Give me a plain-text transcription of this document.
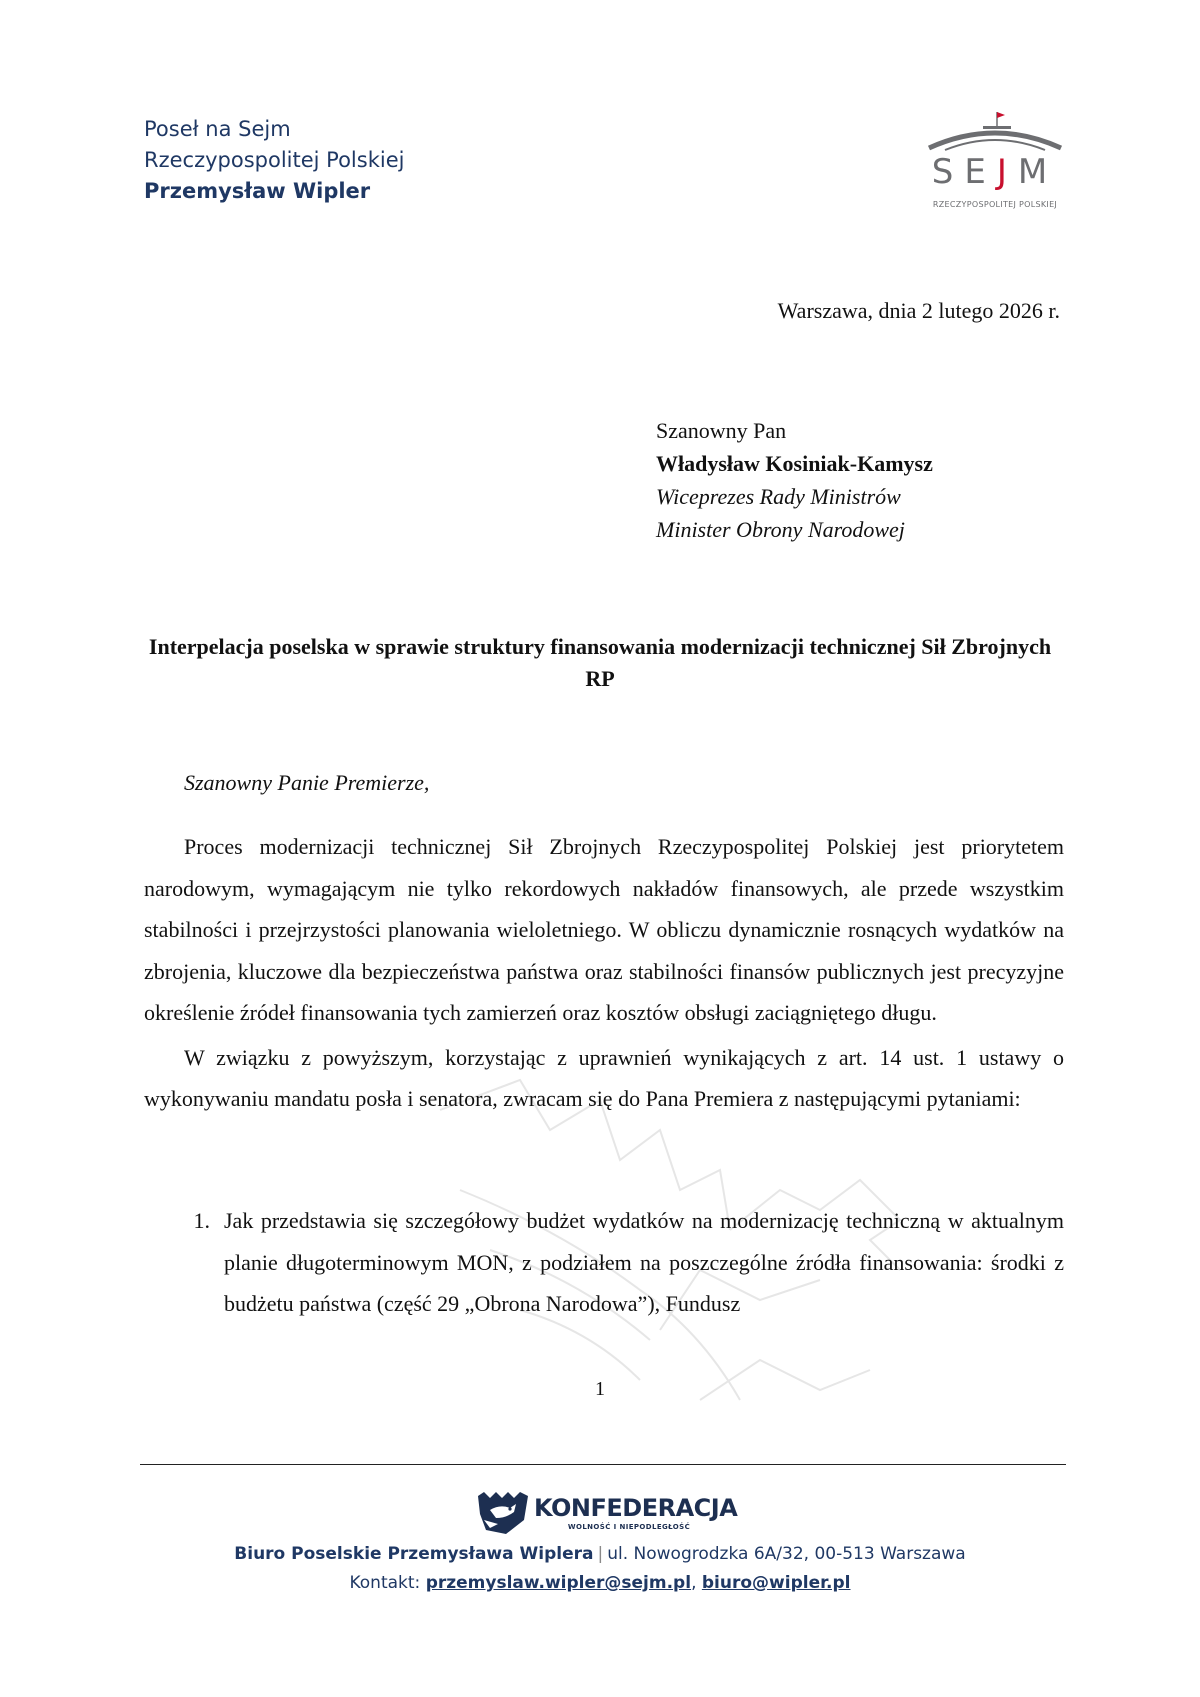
Poseł na Sejm
Rzeczypospolitej Polskiej
Przemysław Wipler	SEJM
RZECZYPOSPOLITEJ POLSKIEJ
Warszawa, dnia 2 lutego 2026 r.
Szanowny Pan
Władysław Kosiniak-Kamysz
Wiceprezes Rady Ministrów
Minister Obrony Narodowej
Interpelacja poselska w sprawie struktury finansowania modernizacji technicznej Sił Zbrojnych RP
Szanowny Panie Premierze,

Proces modernizacji technicznej Sił Zbrojnych Rzeczypospolitej Polskiej jest priorytetem narodowym, wymagającym nie tylko rekordowych nakładów finansowych, ale przede wszystkim stabilności i przejrzystości planowania wieloletniego. W obliczu dynamicznie rosnących wydatków na zbrojenia, kluczowe dla bezpieczeństwa państwa oraz stabilności finansów publicznych jest precyzyjne określenie źródeł finansowania tych zamierzeń oraz kosztów obsługi zaciągniętego długu.

W związku z powyższym, korzystając z uprawnień wynikających z art. 14 ust. 1 ustawy o wykonywaniu mandatu posła i senatora, zwracam się do Pana Premiera z następującymi pytaniami:

1. Jak przedstawia się szczegółowy budżet wydatków na modernizację techniczną w aktualnym planie długoterminowym MON, z podziałem na poszczególne źródła finansowania: środki z budżetu państwa (część 29 „Obrona Narodowa”), Fundusz
1
KONFEDERACJA
WOLNOŚĆ I NIEPODLEGŁOŚĆ
Biuro Poselskie Przemysława Wiplera | ul. Nowogrodzka 6A/32, 00-513 Warszawa
Kontakt: przemyslaw.wipler@sejm.pl, biuro@wipler.pl
